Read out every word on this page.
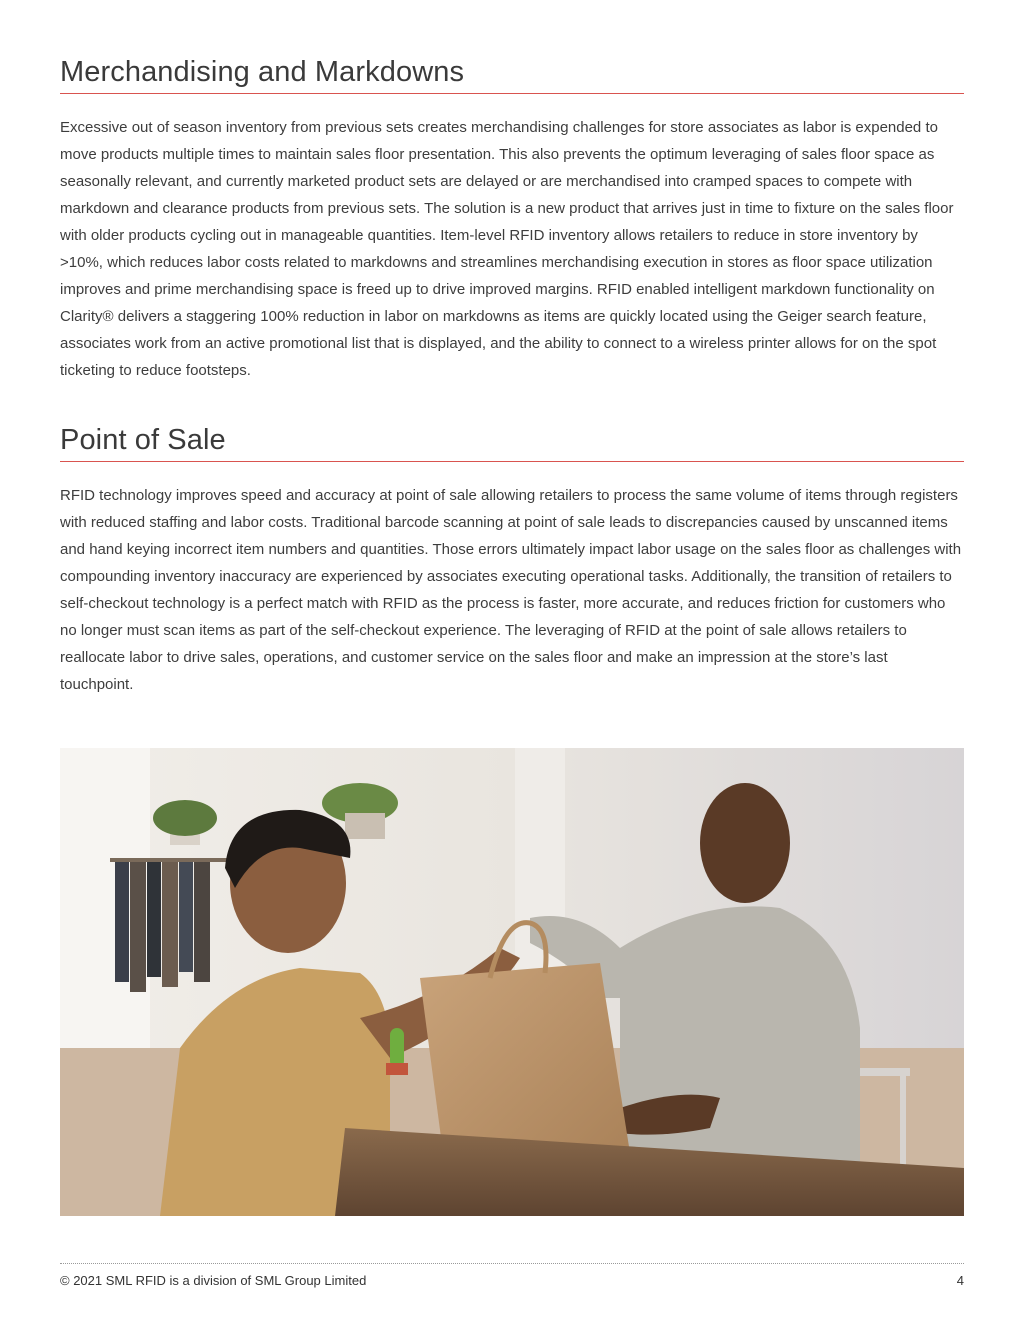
Merchandising and Markdowns

Excessive out of season inventory from previous sets creates merchandising challenges for store associates as labor is expended to move products multiple times to maintain sales floor presentation. This also prevents the optimum leveraging of sales floor space as seasonally relevant, and currently marketed product sets are delayed or are merchandised into cramped spaces to compete with markdown and clearance products from previous sets. The solution is a new product that arrives just in time to fixture on the sales floor with older products cycling out in manageable quantities. Item-level RFID inventory allows retailers to reduce in store inventory by >10%, which reduces labor costs related to markdowns and streamlines merchandising execution in stores as floor space utilization improves and prime merchandising space is freed up to drive improved margins. RFID enabled intelligent markdown functionality on Clarity® delivers a staggering 100% reduction in labor on markdowns as items are quickly located using the Geiger search feature, associates work from an active promotional list that is displayed, and the ability to connect to a wireless printer allows for on the spot ticketing to reduce footsteps.

Point of Sale

RFID technology improves speed and accuracy at point of sale allowing retailers to process the same volume of items through registers with reduced staffing and labor costs. Traditional barcode scanning at point of sale leads to discrepancies caused by unscanned items and hand keying incorrect item numbers and quantities. Those errors ultimately impact labor usage on the sales floor as challenges with compounding inventory inaccuracy are experienced by associates executing operational tasks. Additionally, the transition of retailers to self-checkout technology is a perfect match with RFID as the process is faster, more accurate, and reduces friction for customers who no longer must scan items as part of the self-checkout experience. The leveraging of RFID at the point of sale allows retailers to reallocate labor to drive sales, operations, and customer service on the sales floor and make an impression at the store’s last touchpoint.

© 2021 SML RFID is a division of SML Group Limited	4
